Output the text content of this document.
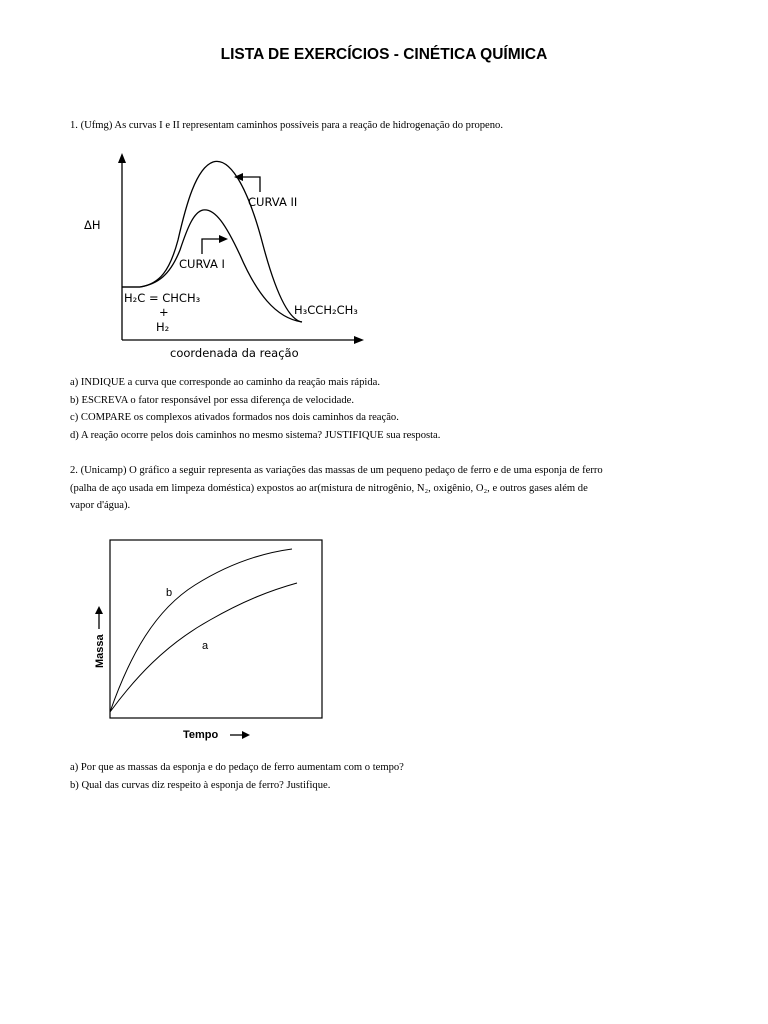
LISTA DE EXERCÍCIOS - CINÉTICA QUÍMICA

1. (Ufmg) As curvas I e II representam caminhos possíveis para a reação de hidrogenação do propeno.

ΔH
CURVA II
CURVA I
H₂C = CHCH₃
+
H₂
H₃CCH₂CH₃
coordenada da reação
b
a
Massa
Tempo

a) INDIQUE a curva que corresponde ao caminho da reação mais rápida.

b) ESCREVA o fator responsável por essa diferença de velocidade.

c) COMPARE os complexos ativados formados nos dois caminhos da reação.

d) A reação ocorre pelos dois caminhos no mesmo sistema? JUSTIFIQUE sua resposta.

2. (Unicamp) O gráfico a seguir representa as variações das massas de um pequeno pedaço de ferro e de uma esponja de ferro

(palha de aço usada em limpeza doméstica) expostos ao ar(mistura de nitrogênio, N₂, oxigênio, O₂, e outros gases além de

vapor d'água).

a) Por que as massas da esponja e do pedaço de ferro aumentam com o tempo?

b) Qual das curvas diz respeito à esponja de ferro? Justifique.
